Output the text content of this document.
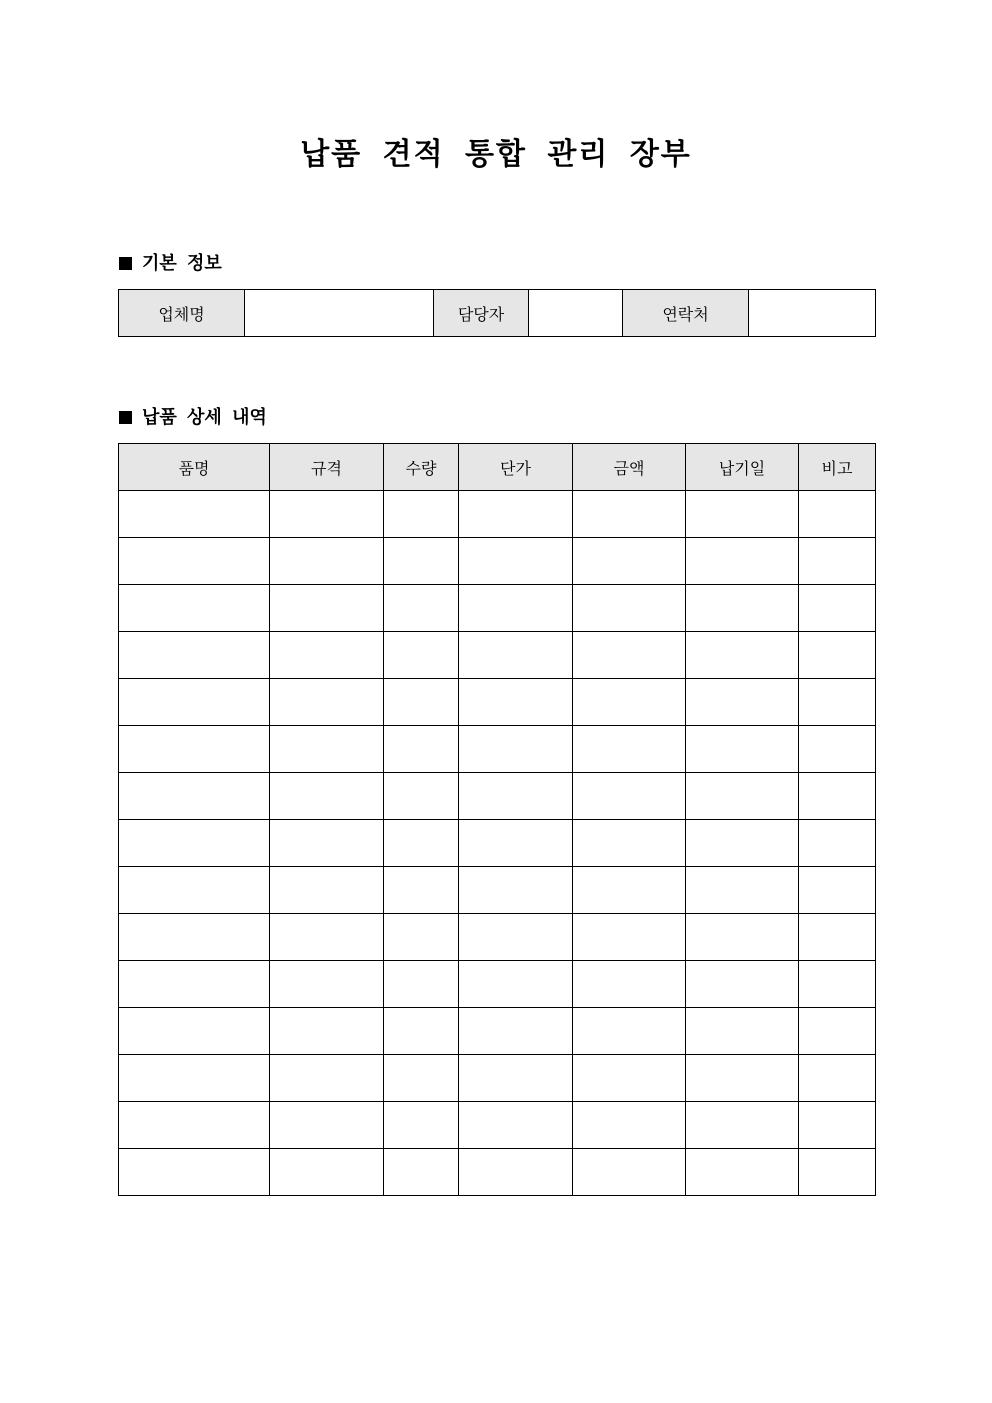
납품 견적 통합 관리 장부
기본 정보
업체명		담당자		연락처	
납품 상세 내역
품명	규격	수량	단가	금액	납기일	비고
